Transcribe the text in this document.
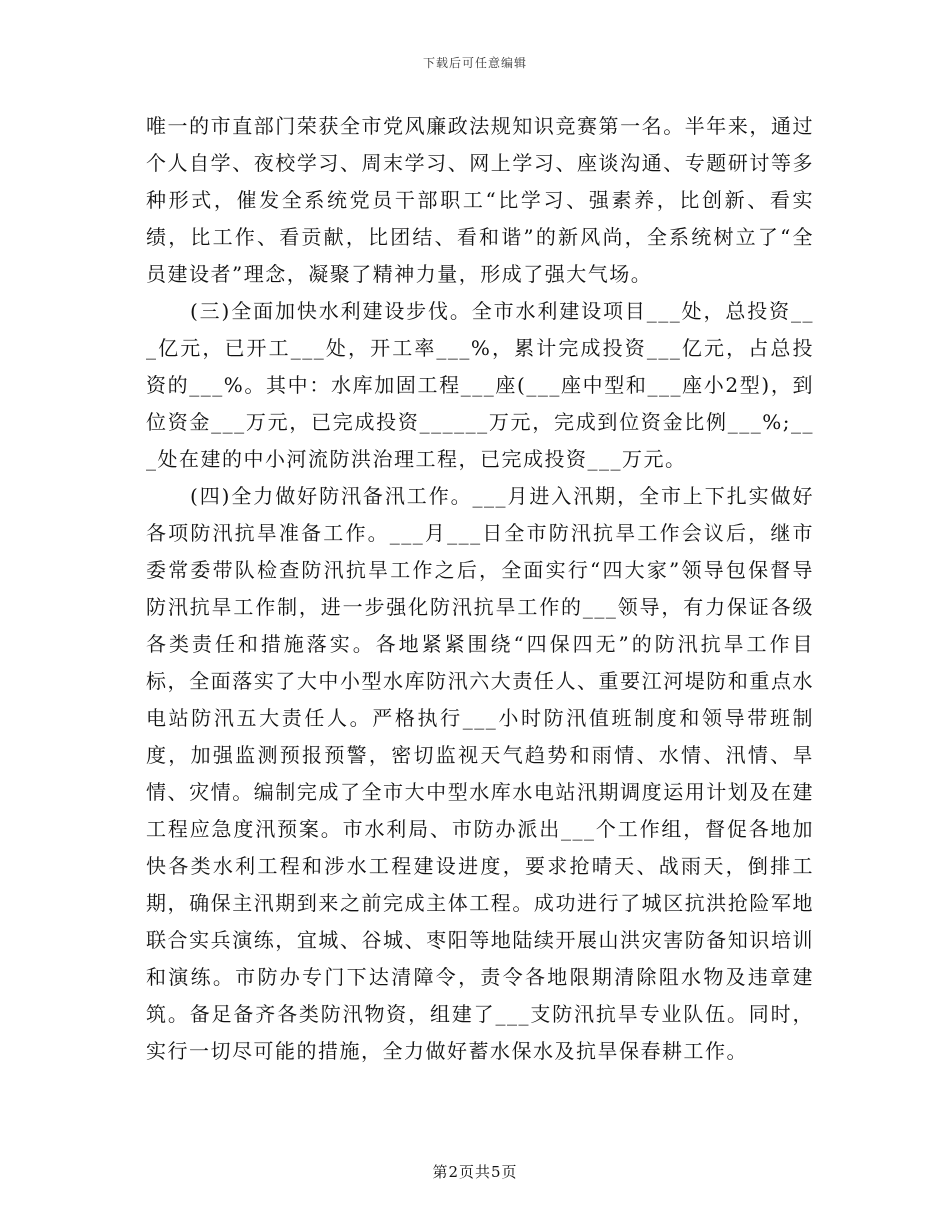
下载后可任意编辑

唯一的市直部门荣获全市党风廉政法规知识竞赛第一名。半年来，通过个人自学、夜校学习、周末学习、网上学习、座谈沟通、专题研讨等多种形式，催发全系统党员干部职工“比学习、强素养，比创新、看实绩，比工作、看贡献，比团结、看和谐”的新风尚，全系统树立了“全员建设者”理念，凝聚了精神力量，形成了强大气场。

(三)全面加快水利建设步伐。全市水利建设项目___处，总投资___亿元，已开工___处，开工率___%，累计完成投资___亿元，占总投资的___%。其中：水库加固工程___座(___座中型和___座小2型)，到位资金___万元，已完成投资______万元，完成到位资金比例___%;___处在建的中小河流防洪治理工程，已完成投资___万元。

(四)全力做好防汛备汛工作。___月进入汛期，全市上下扎实做好各项防汛抗旱准备工作。___月___日全市防汛抗旱工作会议后，继市委常委带队检查防汛抗旱工作之后，全面实行“四大家”领导包保督导防汛抗旱工作制，进一步强化防汛抗旱工作的___领导，有力保证各级各类责任和措施落实。各地紧紧围绕“四保四无”的防汛抗旱工作目标，全面落实了大中小型水库防汛六大责任人、重要江河堤防和重点水电站防汛五大责任人。严格执行___小时防汛值班制度和领导带班制度，加强监测预报预警，密切监视天气趋势和雨情、水情、汛情、旱情、灾情。编制完成了全市大中型水库水电站汛期调度运用计划及在建工程应急度汛预案。市水利局、市防办派出___个工作组，督促各地加快各类水利工程和涉水工程建设进度，要求抢晴天、战雨天，倒排工期，确保主汛期到来之前完成主体工程。成功进行了城区抗洪抢险军地联合实兵演练，宜城、谷城、枣阳等地陆续开展山洪灾害防备知识培训和演练。市防办专门下达清障令，责令各地限期清除阻水物及违章建筑。备足备齐各类防汛物资，组建了___支防汛抗旱专业队伍。同时，实行一切尽可能的措施，全力做好蓄水保水及抗旱保春耕工作。

第2页共5页
